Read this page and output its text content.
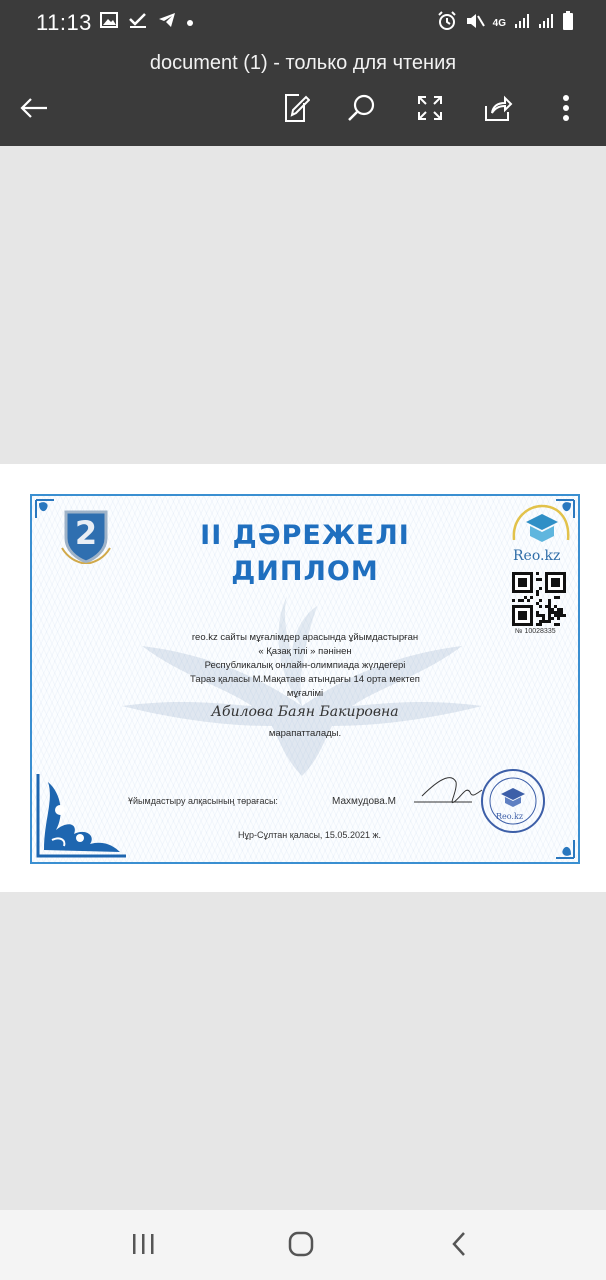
11:13	4G
document (1) - только для чтения
2	II ДӘРЕЖЕЛІ
ДИПЛОМ	Reo.kz
№ 10028335
reo.kz сайты мұғалімдер арасында ұйымдастырған
« Қазақ тілі » пәнінен
Республикалық онлайн-олимпиада жүлдегері
Тараз қаласы М.Мақатаев атындағы 14 орта мектеп
мұғалімі
Абилова Баян Бакировна
марапатталады.
Ұйымдастыру алқасының төрағасы:	Махмудова.М
Reo.kz
Нұр-Сұлтан қаласы, 15.05.2021 ж.
